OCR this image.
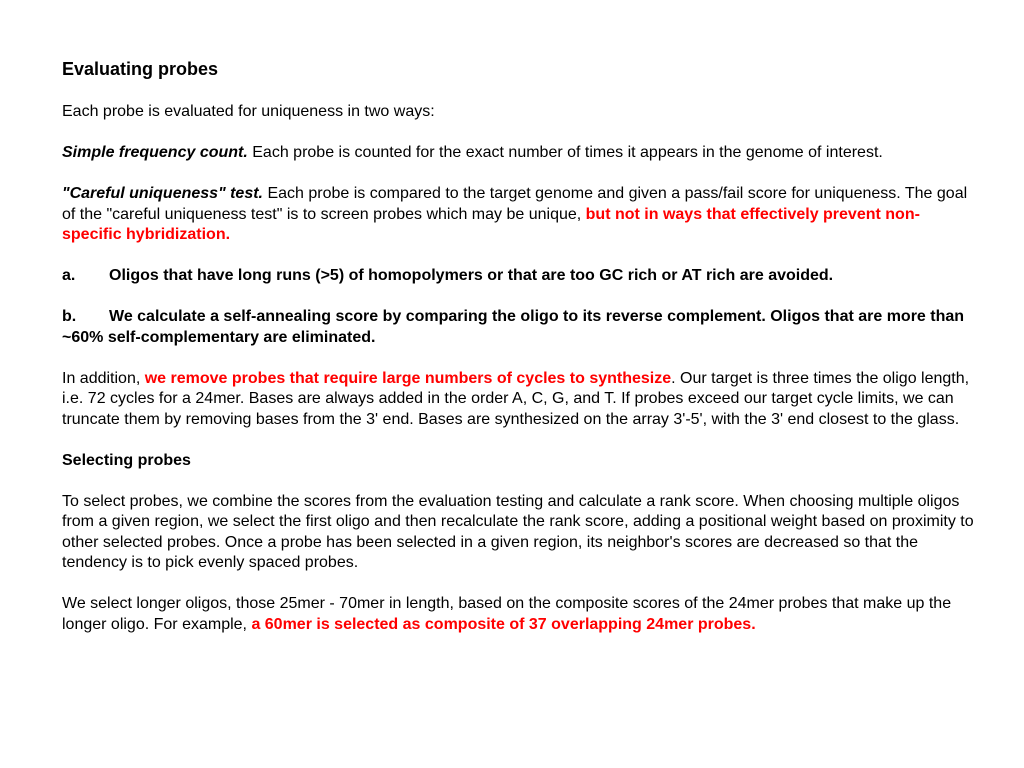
Evaluating probes

Each probe is evaluated for uniqueness in two ways:

Simple frequency count. Each probe is counted for the exact number of times it appears in the genome of interest.

"Careful uniqueness" test. Each probe is compared to the target genome and given a pass/fail score for uniqueness. The goal of the "careful uniqueness test" is to screen probes which may be unique, but not in ways that effectively prevent non-specific hybridization.

a. Oligos that have long runs (>5) of homopolymers or that are too GC rich or AT rich are avoided.

b. We calculate a self-annealing score by comparing the oligo to its reverse complement. Oligos that are more than ~60% self-complementary are eliminated.

In addition, we remove probes that require large numbers of cycles to synthesize. Our target is three times the oligo length, i.e. 72 cycles for a 24mer. Bases are always added in the order A, C, G, and T. If probes exceed our target cycle limits, we can truncate them by removing bases from the 3' end. Bases are synthesized on the array 3'-5', with the 3' end closest to the glass.

Selecting probes

To select probes, we combine the scores from the evaluation testing and calculate a rank score. When choosing multiple oligos from a given region, we select the first oligo and then recalculate the rank score, adding a positional weight based on proximity to other selected probes. Once a probe has been selected in a given region, its neighbor's scores are decreased so that the tendency is to pick evenly spaced probes.

We select longer oligos, those 25mer - 70mer in length, based on the composite scores of the 24mer probes that make up the longer oligo. For example, a 60mer is selected as composite of 37 overlapping 24mer probes.
